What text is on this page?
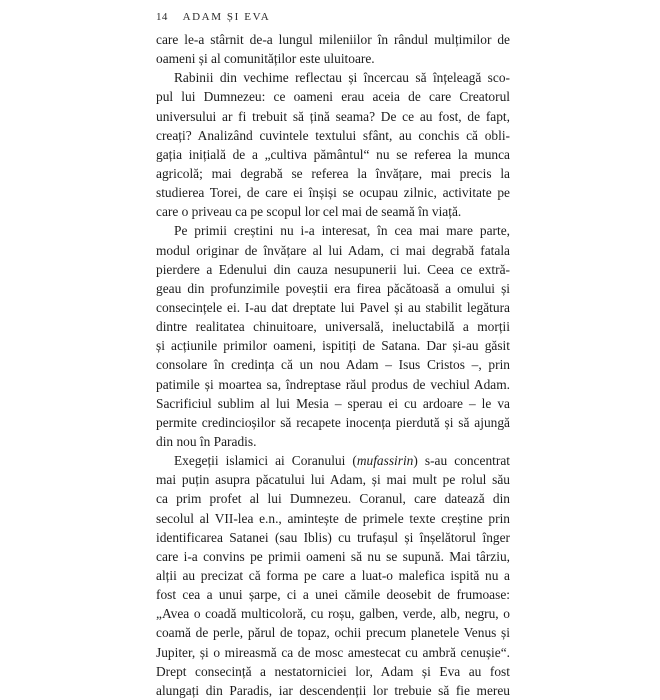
14 ADAM ȘI EVA
care le-a stârnit de-a lungul mileniilor în rândul mulțimilor de
oameni și al comunităților este uluitoare.
Rabinii din vechime reflectau și încercau să înțeleagă sco-
pul lui Dumnezeu: ce oameni erau aceia de care Creatorul
universului ar fi trebuit să țină seama? De ce au fost, de fapt,
creați? Analizând cuvintele textului sfânt, au conchis că obli-
gația inițială de a „cultiva pământul“ nu se referea la munca
agricolă; mai degrabă se referea la învățare, mai precis la
studierea Torei, de care ei înșiși se ocupau zilnic, activitate pe
care o priveau ca pe scopul lor cel mai de seamă în viață.
Pe primii creștini nu i-a interesat, în cea mai mare parte,
modul originar de învățare al lui Adam, ci mai degrabă fatala
pierdere a Edenului din cauza nesupunerii lui. Ceea ce extră-
geau din profunzimile poveștii era firea păcătoasă a omului și
consecințele ei. I-au dat dreptate lui Pavel și au stabilit legătura
dintre realitatea chinuitoare, universală, ineluctabilă a morții
și acțiunile primilor oameni, ispitiți de Satana. Dar și-au găsit
consolare în credința că un nou Adam – Isus Cristos –, prin
patimile și moartea sa, îndreptase răul produs de vechiul Adam.
Sacrificiul sublim al lui Mesia – sperau ei cu ardoare – le va
permite credincioșilor să recapete inocența pierdută și să ajungă
din nou în Paradis.
Exegeții islamici ai Coranului (mufassirin) s-au concentrat
mai puțin asupra păcatului lui Adam, și mai mult pe rolul său
ca prim profet al lui Dumnezeu. Coranul, care datează din
secolul al VII-lea e.n., amintește de primele texte creștine prin
identificarea Satanei (sau Iblis) cu trufașul și înșelătorul înger
care i-a convins pe primii oameni să nu se supună. Mai târziu,
alții au precizat că forma pe care a luat-o malefica ispită nu a
fost cea a unui șarpe, ci a unei cămile deosebit de frumoase:
„Avea o coadă multicoloră, cu roșu, galben, verde, alb, negru, o
coamă de perle, părul de topaz, ochii precum planetele Venus și
Jupiter, și o mireasmă ca de mosc amestecat cu ambră cenușie“.
Drept consecință a nestatorniciei lor, Adam și Eva au fost
alungați din Paradis, iar descendenții lor trebuie să fie mereu
